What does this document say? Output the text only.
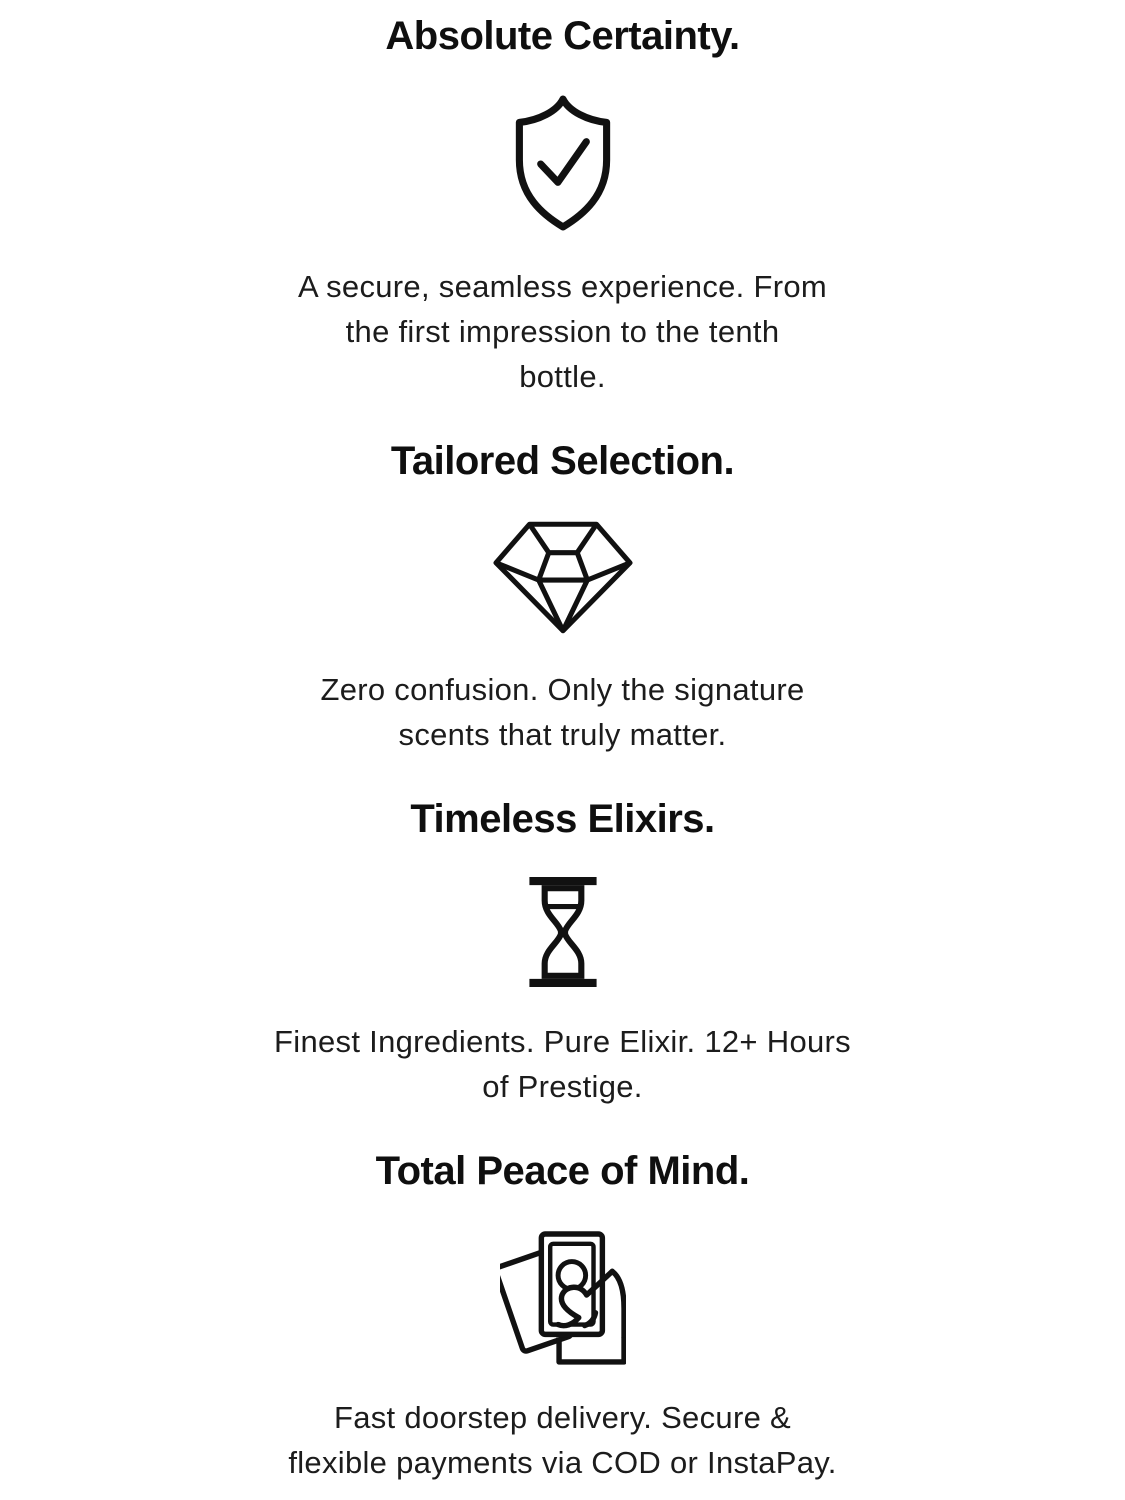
Absolute Certainty.

A secure, seamless experience. From
the first impression to the tenth
bottle.

Tailored Selection.

Zero confusion. Only the signature
scents that truly matter.

Timeless Elixirs.

Finest Ingredients. Pure Elixir. 12+ Hours
of Prestige.

Total Peace of Mind.

Fast doorstep delivery. Secure &
flexible payments via COD or InstaPay.
